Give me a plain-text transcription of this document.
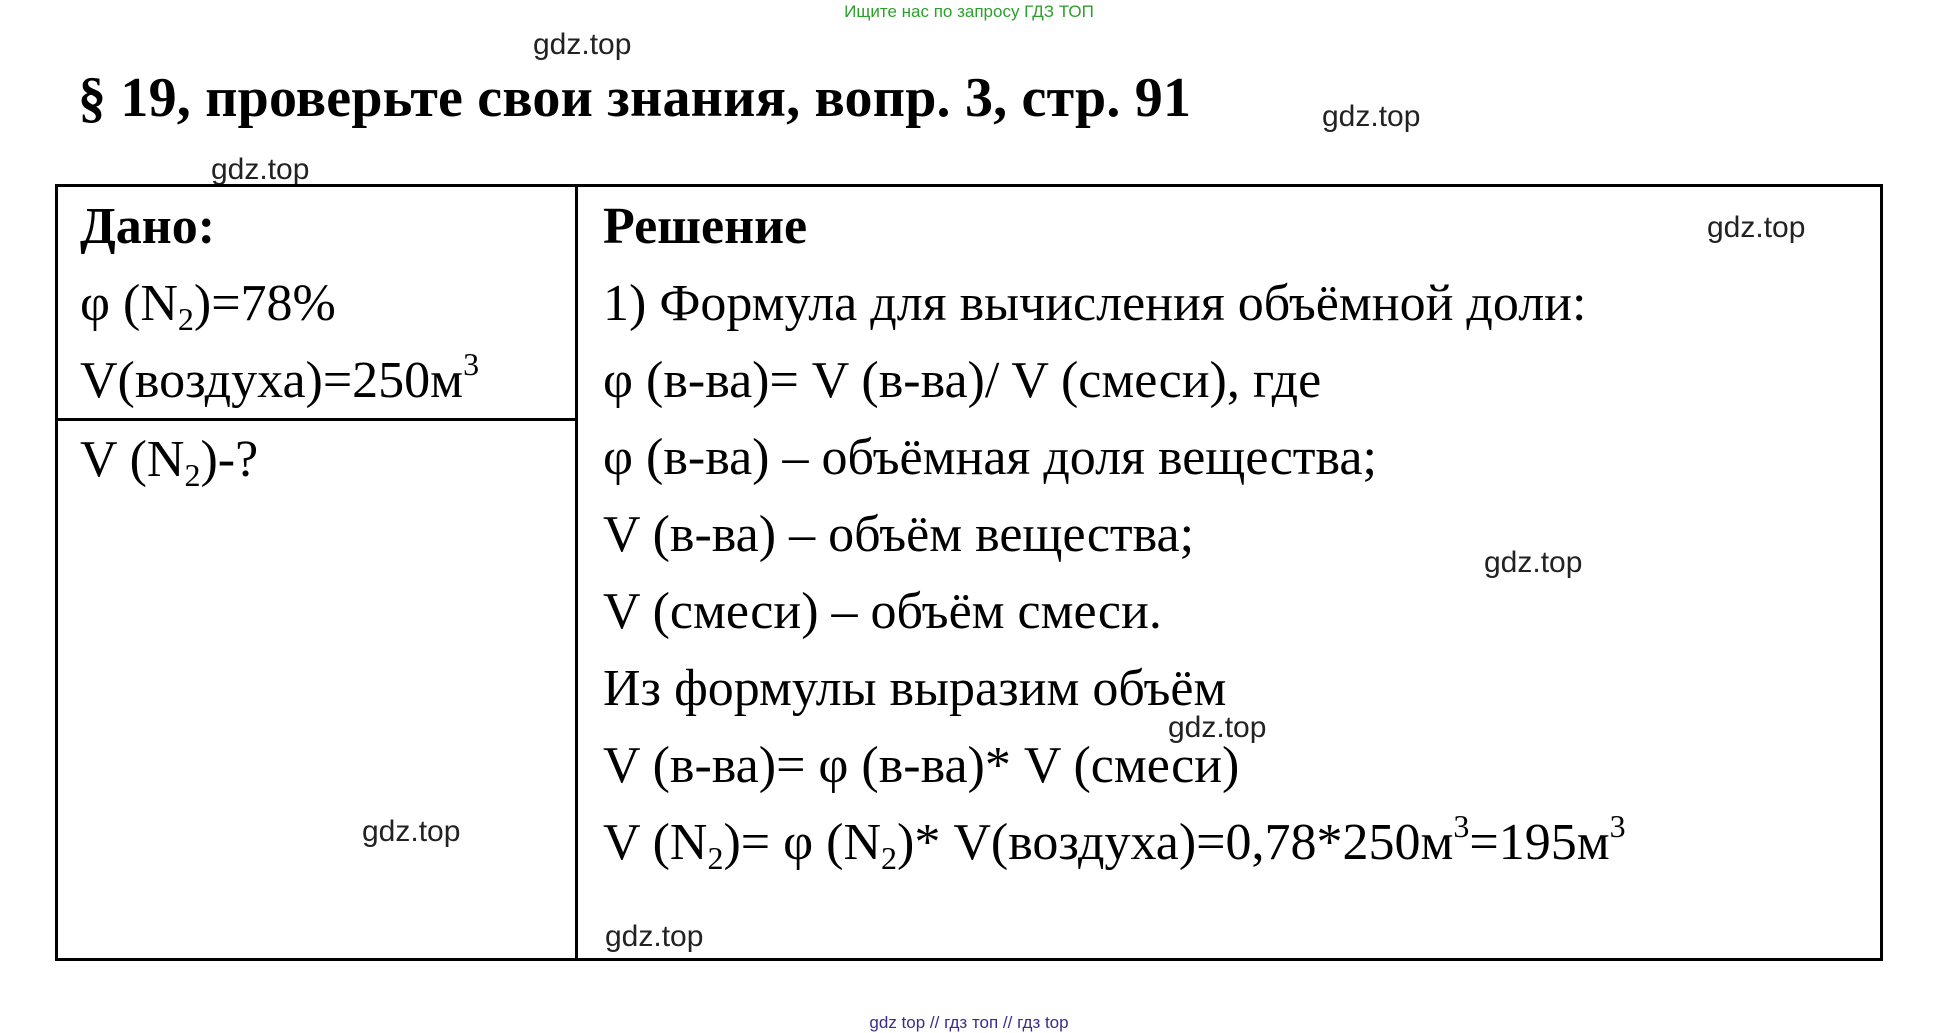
Ищите нас по запросу ГДЗ ТОП
§ 19, проверьте свои знания, вопр. 3, стр. 91
gdz.top
gdz.top
gdz.top
gdz.top
gdz.top
gdz.top
gdz.top
gdz.top
Дано:
φ $(N_2)=78\%$
$V(воздуха)=250м^3$
V $(N_2)-$?
Решение
1) Формула для вычисления объёмной доли:
φ (в-ва)= V (в-ва)/ V (смеси), где
φ (в-ва) – объёмная доля вещества;
V (в-ва) – объём вещества;
V (смеси) – объём смеси.
Из формулы выразим объём
V (в-ва)= φ (в-ва)* V (смеси)
V $(N_2)= \varphi$ $(N_2)*$ $V(воздуха)=0,78*250м^3=195м^3$
gdz top // гдз топ // гдз top
